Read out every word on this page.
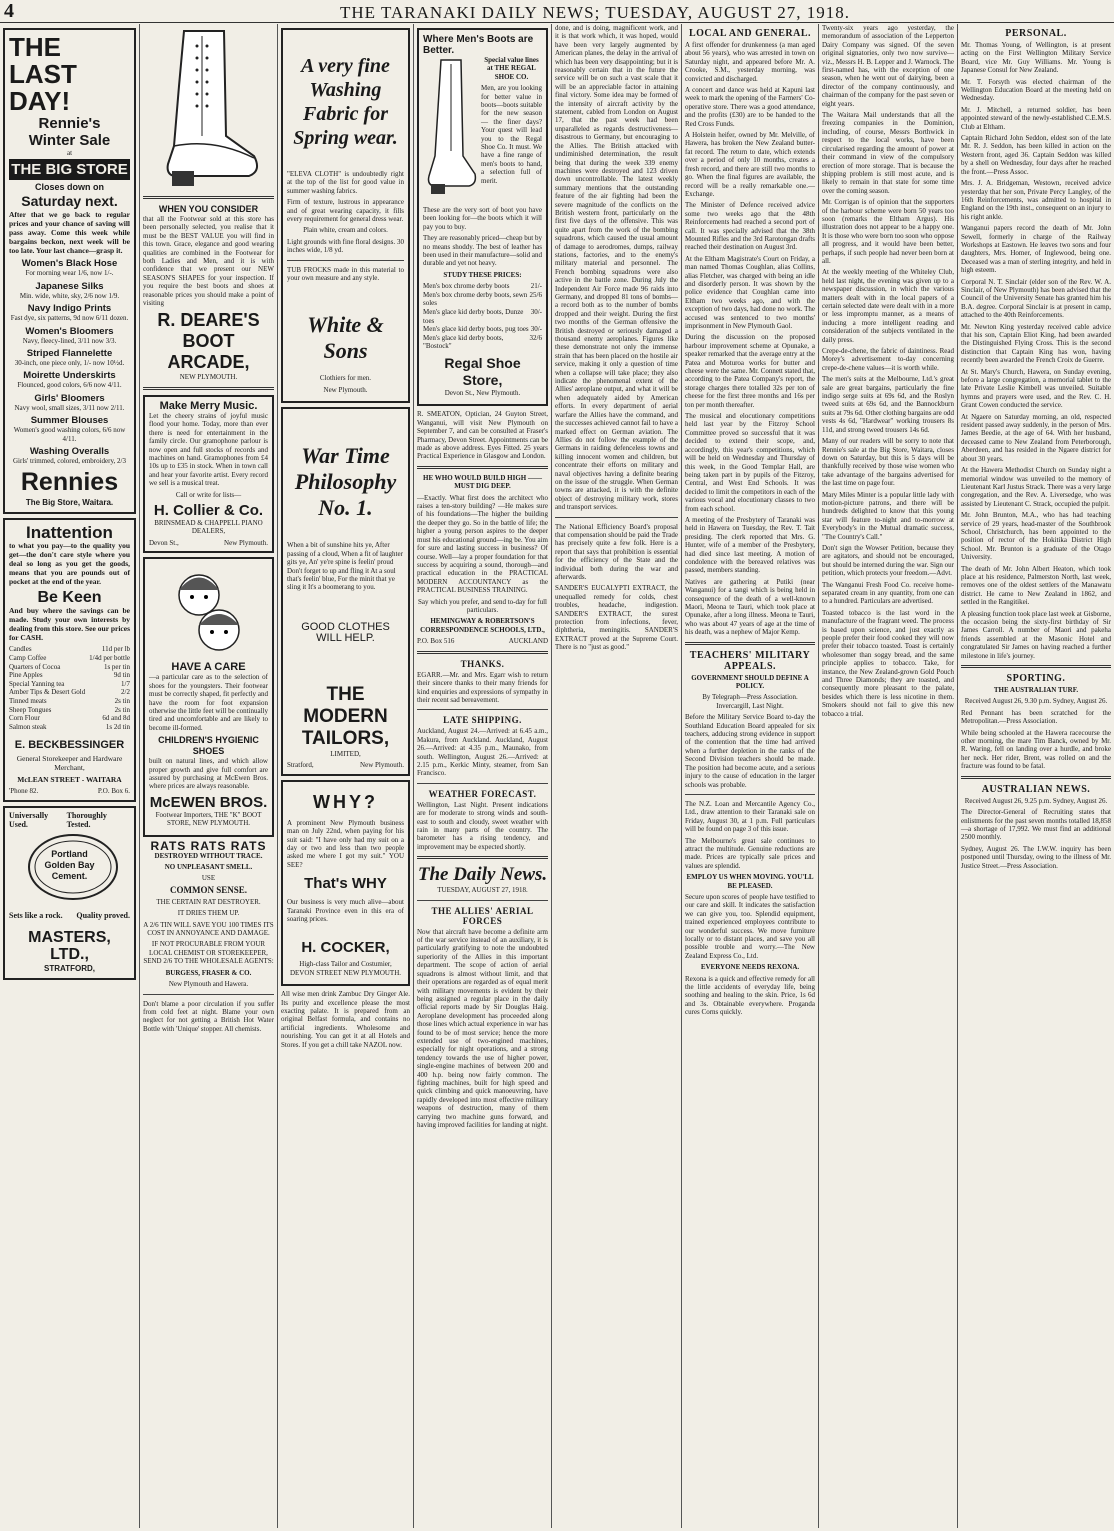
4	THE TARANAKI DAILY NEWS; TUESDAY, AUGUST 27, 1918.
THE
LAST
DAY!
Rennie's
Winter Sale
at
THE BIG STORE
Closes down on
Saturday next.

After that we go back to regular prices and your chance of saving will pass away. Come this week while bargains beckon, next week will be too late. Your last chance—grasp it.

Women's Black Hose

For morning wear 1/6, now 1/-.

Japanese Silks

Min. wide, white, sky, 2/6 now 1/9.

Navy Indigo Prints

Fast dye, six patterns, 9d now 6/11 dozen.

Women's Bloomers

Navy, fleecy-lined, 3/11 now 3/3.

Striped Flannelette

30-inch, one piece only, 1/- now 10½d.

Moirette Underskirts

Flounced, good colors, 6/6 now 4/11.

Girls' Bloomers

Navy wool, small sizes, 3/11 now 2/11.

Summer Blouses

Women's good washing colors, 6/6 now 4/11.

Washing Overalls

Girls' trimmed, colored, embroidery, 2/3

Rennies
The Big Store, Waitara.
Inattention

to what you pay—to the quality you get—the don't care style where you deal so long as you get the goods, means that you are pounds out of pocket at the end of the year.

Be Keen

And buy where the savings can be made. Study your own interests by dealing from this store. See our prices for CASH.

Candles	11d per lb
Camp Coffee	1/4d per bottle
Quarters of Cocoa	1s per tin
Pine Apples	9d tin
Special Yanning tea	1/7
Amber Tips & Desert Gold	2/2
Tinned meats	2s tin
Sheep Tongues	2s tin
Corn Flour	6d and 8d
Salmon steak	1s 2d tin
E. BECKBESSINGER

General Storekeeper and Hardware Merchant,

McLEAN STREET - WAITARA

'Phone 82.	P.O. Box 6.
Universally Used.
Thoroughly Tested.
Portland Golden Bay Cement.
Sets like a rock. Quality proved.
MASTERS, LTD.,
STRATFORD,
WHEN YOU CONSIDER

that all the Footwear sold at this store has been personally selected, you realise that it must be the BEST VALUE you will find in this town. Grace, elegance and good wearing qualities are combined in the Footwear for both Ladies and Men, and it is with confidence that we present our NEW SEASON'S SHAPES for your inspection. If you require the best boots and shoes at reasonable prices you should make a point of visiting

R. DEARE'S BOOT ARCADE,

NEW PLYMOUTH.

Make Merry Music.

Let the cheery strains of joyful music flood your home. Today, more than ever there is need for entertainment in the family circle. Our gramophone parlour is now open and full stocks of records and machines on hand. Gramophones from £4 10s up to £35 in stock. When in town call and hear your favorite artist. Every record we sell is a musical treat.

Call or write for lists—

H. Collier & Co.

BRINSMEAD & CHAPPELL PIANO DEALERS,

Devon St.,	New Plymouth.
HAVE A CARE

—a particular care as to the selection of shoes for the youngsters. Their footwear must be correctly shaped, fit perfectly and have the room for foot expansion otherwise the little feet will be continually tired and uncomfortable and are likely to become ill-formed.

CHILDREN'S HYGIENIC SHOES

built on natural lines, and which allow proper growth and give full comfort are assured by purchasing at McEwen Bros. where prices are always reasonable.

McEWEN BROS.

Footwear Importers, THE "K" BOOT STORE, NEW PLYMOUTH.

RATS RATS RATS

DESTROYED WITHOUT TRACE.

NO UNPLEASANT SMELL.

USE

COMMON SENSE.

THE CERTAIN RAT DESTROYER.

IT DRIES THEM UP.

A 2/6 TIN WILL SAVE YOU 100 TIMES ITS COST IN ANNOYANCE AND DAMAGE.

IF NOT PROCURABLE FROM YOUR LOCAL CHEMIST OR STOREKEEPER, SEND 2/6 TO THE WHOLESALE AGENTS:

BURGESS, FRASER & CO.

New Plymouth and Hawera.

Don't blame a poor circulation if you suffer from cold feet at night. Blame your own neglect for not getting a British Hot Water Bottle with 'Unique' stopper. All chemists.

A very fine Washing Fabric for Spring wear.

"ELEVA CLOTH" is undoubtedly right at the top of the list for good value in summer washing fabrics.

Firm of texture, lustrous in appearance and of great wearing capacity, it fills every requirement for general dress wear.

Plain white, cream and colors.

Light grounds with fine floral designs. 30 inches wide, 1/8 yd.

TUB FROCKS made in this material to your own measure and any style.

White & Sons

Clothiers for men.

New Plymouth.

War Time Philosophy No. 1.

When a bit of sunshine hits ye, After passing of a cloud, When a fit of laughter gits ye, An' ye're spine is feelin' proud Don't forget to up and fling it At a soul that's feelin' blue, For the minit that ye sling it It's a boomerang to you.

GOOD CLOTHES WILL HELP.
THE MODERN TAILORS,

LIMITED,

Stratford,	New Plymouth.
WHY?

A prominent New Plymouth business man on July 22nd, when paying for his suit said: "I have only had my suit on a day or two and less than two people asked me where I got my suit." YOU SEE?

That's WHY

Our business is very much alive—about Taranaki Province even in this era of soaring prices.

H. COCKER,

High-class Tailor and Costumier, DEVON STREET NEW PLYMOUTH.

All wise men drink Zambuc Dry Ginger Ale. Its purity and excellence please the most exacting palate. It is prepared from an original Belfast formula, and contains no artificial ingredients. Wholesome and nourishing. You can get it at all Hotels and Stores. If you get a chill take NAZOL now.

Where Men's Boots are Better.

Special value lines at THE REGAL SHOE CO.

Men, are you looking for better value in boots—boots suitable for the new season — the finer days? Your quest will lead you to the Regal Shoe Co. It must. We have a fine range of men's boots to hand, a selection full of merit.

These are the very sort of boot you have been looking for—the boots which it will pay you to buy.

They are reasonably priced—cheap but by no means shoddy. The best of leather has been used in their manufacture—solid and durable and yet not heavy.

STUDY THESE PRICES:

Men's box chrome derby boots	21/-
Men's box chrome derby boots, sewn soles
25/6
Men's glace kid derby boots, Dunze toes
30/-
Men's glace kid derby boots, pug toes 30/-
Men's glace kid derby boots, "Bostock"
32/6
Regal Shoe Store,

Devon St., New Plymouth.

R. SMEATON, Optician, 24 Guyton Street, Wanganui, will visit New Plymouth on September 7, and can be consulted at Fraser's Pharmacy, Devon Street. Appointments can be made as above address. Eyes Fitted. 25 years Practical Experience in Glasgow and London.

HE WHO WOULD BUILD HIGH —— MUST DIG DEEP.

—Exactly. What first does the architect who raises a ten-story building? —He makes sure of his foundations—The higher the building the deeper they go. So in the battle of life; the higher a young person aspires to the deeper must his educational ground—ing be. You aim for sure and lasting success in business? Of course. Well—lay a proper foundation for that success by acquiring a sound, thorough—and practical education in the PRACTICAL MODERN ACCOUNTANCY as the PRACTICAL BUSINESS TRAINING.

Say which you prefer, and send to-day for full particulars.

HEMINGWAY & ROBERTSON'S CORRESPONDENCE SCHOOLS, LTD.,

P.O. Box 516	AUCKLAND
THANKS.

EGARR.—Mr. and Mrs. Egarr wish to return their sincere thanks to their many friends for kind enquiries and expressions of sympathy in their recent sad bereavement.

LATE SHIPPING.

Auckland, August 24.—Arrived: at 6.45 a.m., Makura, from Auckland. Auckland, August 26.—Arrived: at 4.35 p.m., Maunako, from south. Wellington, August 26.—Arrived: at 2.15 p.m., Kerkic Minty, steamer, from San Francisco.

WEATHER FORECAST.

Wellington, Last Night. Present indications are for moderate to strong winds and south-east to south and cloudy, sweet weather with rain in many parts of the country. The barometer has a rising tendency, and improvement may be expected shortly.

The Daily News.

TUESDAY, AUGUST 27, 1918.

THE ALLIES' AERIAL FORCES

Now that aircraft have become a definite arm of the war service instead of an auxiliary, it is particularly gratifying to note the undoubted superiority of the Allies in this important department. The scope of action of aerial squadrons is almost without limit, and that their operations are regarded as of equal merit with military movements is evident by their being assigned a regular place in the daily official reports made by Sir Douglas Haig. Aeroplane development has proceeded along those lines which actual experience in war has found to be of most service; hence the more extended use of two-engined machines, especially for night operations, and a strong tendency towards the use of higher power, single-engine machines of between 200 and 400 h.p. being now fairly common. The fighting machines, built for high speed and quick climbing and quick manoeuvring, have rapidly developed into most effective military weapons of destruction, many of them carrying two machine guns forward, and having improved facilities for landing at night.

done, and is doing, magnificent work, and it is that work which, it was hoped, would have been very largely augmented by American planes, the delay in the arrival of which has been very disappointing; but it is reasonably certain that in the future the service will be on such a vast scale that it will be an appreciable factor in attaining final victory. Some idea may be formed of the intensity of aircraft activity by the statement, cabled from London on August 17, that the past week had been unparalleled as regards destructiveness—disastrous to Germany, but encouraging to the Allies. The British attacked with undiminished determination, the result being that during the week 339 enemy machines were destroyed and 123 driven down uncontrollable. The latest weekly summary mentions that the outstanding feature of the air fighting had been the severe magnitude of the conflicts on the British western front, particularly on the first five days of the offensive. This was quite apart from the work of the bombing squadrons, which caused the usual amount of damage to aerodromes, dumps, railway stations, factories, and to the enemy's military material and personnel. The French bombing squadrons were also active in the battle zone. During July the Independent Air Force made 96 raids into Germany, and dropped 81 tons of bombs—a record both as to the number of bombs dropped and their weight. During the first two months of the German offensive the British destroyed or seriously damaged a thousand enemy aeroplanes. Figures like these demonstrate not only the immense strain that has been placed on the hostile air service, making it only a question of time when a collapse will take place; they also indicate the phenomenal extent of the Allies' aeroplane output, and what it will be when adequately aided by American efforts. In every department of aerial warfare the Allies have the command, and the successes achieved cannot fail to have a marked effect on German aviation. The Allies do not follow the example of the Germans in raiding defenceless towns and killing innocent women and children, but concentrate their efforts on military and naval objectives having a definite bearing on the issue of the struggle. When German towns are attacked, it is with the definite object of destroying military work, stores and transport services.

The National Efficiency Board's proposal that compensation should be paid the Trade has precisely quite a few folk. Here is a report that says that prohibition is essential for the efficiency of the State and the individual both during the war and afterwards.

SANDER'S EUCALYPTI EXTRACT, the unequalled remedy for colds, chest troubles, headache, indigestion. SANDER'S EXTRACT, the surest protection from infections, fever, diphtheria, meningitis. SANDER'S EXTRACT proved at the Supreme Court. There is no "just as good."

LOCAL AND GENERAL.

A first offender for drunkenness (a man aged about 56 years), who was arrested in town on Saturday night, and appeared before Mr. A. Crooke, S.M., yesterday morning, was convicted and discharged.

A concert and dance was held at Kapuni last week to mark the opening of the Farmers' Co-operative store. There was a good attendance, and the profits (£30) are to be handed to the Red Cross Funds.

A Holstein heifer, owned by Mr. Melville, of Hawera, has broken the New Zealand butter-fat record. The return to date, which extends over a period of only 10 months, creates a fresh record, and there are still two months to go. When the final figures are available, the record will be a really remarkable one.—Exchange.

The Minister of Defence received advice some two weeks ago that the 48th Reinforcements had reached a second port of call. It was specially advised that the 38th Mounted Rifles and the 3rd Rarotongan drafts reached their destination on August 3rd.

At the Eltham Magistrate's Court on Friday, a man named Thomas Coughlan, alias Collins, alias Fletcher, was charged with being an idle and disorderly person. It was shown by the police evidence that Coughlan came into Eltham two weeks ago, and with the exception of two days, had done no work. The accused was sentenced to two months' imprisonment in New Plymouth Gaol.

During the discussion on the proposed harbour improvement scheme at Opunake, a speaker remarked that the average entry at the Patea and Moturoa works for butter and cheese were the same. Mr. Connett stated that, according to the Patea Company's report, the storage charges there totalled 32s per ton of cheese for the first three months and 16s per ton per month thereafter.

The musical and elocutionary competitions held last year by the Fitzroy School Committee proved so successful that it was decided to extend their scope, and, accordingly, this year's competitions, which will be held on Wednesday and Thursday of this week, in the Good Templar Hall, are being taken part in by pupils of the Fitzroy, Central, and West End Schools. It was decided to limit the competitors in each of the various vocal and elocutionary classes to two from each school.

A meeting of the Presbytery of Taranaki was held in Hawera on Tuesday, the Rev. T. Tait presiding. The clerk reported that Mrs. G. Hunter, wife of a member of the Presbytery, had died since last meeting. A motion of condolence with the bereaved relatives was passed, members standing.

Natives are gathering at Putiki (near Wanganui) for a tangi which is being held in consequence of the death of a well-known Maori, Meona te Tauri, which took place at Opunake, after a long illness. Meona te Tauri, who was about 47 years of age at the time of his death, was a nephew of Major Kemp.

TEACHERS' MILITARY APPEALS.

GOVERNMENT SHOULD DEFINE A POLICY.

By Telegraph—Press Association. Invercargill, Last Night.

Before the Military Service Board to-day the Southland Education Board appealed for six teachers, adducing strong evidence in support of the contention that the time had arrived when a further depletion in the ranks of the Second Division teachers should be made. The position had become acute, and a serious injury to the cause of education in the larger schools was probable.

The N.Z. Loan and Mercantile Agency Co., Ltd., draw attention to their Taranaki sale on Friday, August 30, at 1 p.m. Full particulars will be found on page 3 of this issue.

The Melbourne's great sale continues to attract the multitude. Genuine reductions are made. Prices are typically sale prices and values are splendid.

EMPLOY US WHEN MOVING. YOU'LL BE PLEASED.

Secure upon scores of people have testified to our care and skill. It indicates the satisfaction we can give you, too. Splendid equipment, trained experienced employees contribute to our wonderful success. We move furniture locally or to distant places, and save you all possible trouble and worry.—The New Zealand Express Co., Ltd.

EVERYONE NEEDS REXONA.

Rexona is a quick and effective remedy for all the little accidents of everyday life, being soothing and healing to the skin. Price, 1s 6d and 3s. Obtainable everywhere. Proganda cures Corns quickly.

Twenty-six years ago yesterday, the memorandum of association of the Lepperton Dairy Company was signed. Of the seven original signatories, only two now survive—viz., Messrs H. B. Lepper and J. Warnock. The first-named has, with the exception of one season, when he went out of dairying, been a director of the company continuously, and chairman of the company for the past seven or eight years.

The Waitara Mail understands that all the freezing companies in the Dominion, including, of course, Messrs Borthwick in respect to the local works, have been circularised regarding the amount of power at their command in view of the compulsory erection of more storage. That is because the shipping problem is still most acute, and is likely to remain in that state for some time over the coming season.

Mr. Corrigan is of opinion that the supporters of the harbour scheme were born 50 years too soon (remarks the Eltham Argus). His illustration does not appear to be a happy one. It is those who were born too soon who oppose all progress, and it would have been better, perhaps, if such people had never been born at all.

At the weekly meeting of the Whiteley Club, held last night, the evening was given up to a newspaper discussion, in which the various matters dealt with in the local papers of a certain selected date were dealt with in a more or less impromptu manner, as a means of inducing a more intelligent reading and consideration of the subjects ventilated in the daily press.

Crepe-de-chene, the fabric of daintiness. Read Morey's advertisement to-day concerning crepe-de-chene values—it is worth while.

The men's suits at the Melbourne, Ltd.'s great sale are great bargains, particularly the fine indigo serge suits at 69s 6d, and the Roslyn tweed suits at 69s 6d, and the Bannockburn suits at 79s 6d. Other clothing bargains are odd vests 4s 6d, "Hardwear" working trousers 8s 11d, and strong tweed trousers 14s 6d.

Many of our readers will be sorry to note that Rennie's sale at the Big Store, Waitara, closes down on Saturday, but this is 5 days will be thankfully received by those wise women who take advantage of the bargains advertised for the last time on page four.

Mary Miles Minter is a popular little lady with motion-picture patrons, and there will be hundreds delighted to know that this young star will feature to-night and to-morrow at Everybody's in the Mutual dramatic success, "The Country's Call."

Don't sign the Wowser Petition, because they are agitators, and should not be encouraged, but should be interned during the war. Sign our petition, which protects your freedom.—Advt.

The Wanganui Fresh Food Co. receive home-separated cream in any quantity, from one can to a hundred. Particulars are advertised.

Toasted tobacco is the last word in the manufacture of the fragrant weed. The process is based upon science, and just exactly as people prefer their food cooked they will now prefer their tobacco toasted. Toast is certainly wholesomer than soggy bread, and the same principle applies to tobacco. Take, for instance, the New Zealand-grown Gold Pouch and Three Diamonds; they are toasted, and consequently more pleasant to the palate, besides which there is less nicotine in them. Smokers should not fail to give this new tobacco a trial.

PERSONAL.

Mr. Thomas Young, of Wellington, is at present acting on the First Wellington Military Service Board, vice Mr. Guy Williams. Mr. Young is Japanese Consul for New Zealand.

Mr. T. Forsyth was elected chairman of the Wellington Education Board at the meeting held on Wednesday.

Mr. J. Mitchell, a returned soldier, has been appointed steward of the newly-established C.E.M.S. Club at Eltham.

Captain Richard John Seddon, eldest son of the late Mr. R. J. Seddon, has been killed in action on the Western front, aged 36. Captain Seddon was killed by a shell on Wednesday, four days after he reached the front.—Press Assoc.

Mrs. J. A. Bridgeman, Westown, received advice yesterday that her son, Private Percy Langley, of the 16th Reinforcements, was admitted to hospital in England on the 19th inst., consequent on an injury to his right ankle.

Wanganui papers record the death of Mr. John Sewell, formerly in charge of the Railway Workshops at Eastown. He leaves two sons and four daughters, Mrs. Homer, of Inglewood, being one. Deceased was a man of sterling integrity, and held in high esteem.

Corporal N. T. Sinclair (elder son of the Rev. W. A. Sinclair, of New Plymouth) has been advised that the Council of the University Senate has granted him his B.A. degree. Corporal Sinclair is at present in camp, attached to the 40th Reinforcements.

Mr. Newton King yesterday received cable advice that his son, Captain Eliot King, had been awarded the Distinguished Flying Cross. This is the second distinction that Captain King has won, having recently been awarded the French Croix de Guerre.

At St. Mary's Church, Hawera, on Sunday evening, before a large congregation, a memorial tablet to the late Private Leslie Kimbell was unveiled. Suitable hymns and prayers were used, and the Rev. C. H. Grant Cowen conducted the service.

At Ngaere on Saturday morning, an old, respected resident passed away suddenly, in the person of Mrs. James Beedie, at the age of 64. With her husband, deceased came to New Zealand from Peterborough, Aberdeen, and has resided in the Ngaere district for about 30 years.

At the Hawera Methodist Church on Sunday night a memorial window was unveiled to the memory of Lieutenant Karl Justus Strack. There was a very large congregation, and the Rev. A. Liversedge, who was assisted by Lieutenant C. Strack, occupied the pulpit.

Mr. John Brunton, M.A., who has had teaching service of 29 years, head-master of the Southbrook School, Christchurch, has been appointed to the position of rector of the Hokitika District High School. Mr. Brunton is a graduate of the Otago University.

The death of Mr. John Albert Heaton, which took place at his residence, Palmerston North, last week, removes one of the oldest settlers of the Manawatu district. He came to New Zealand in 1862, and settled in the Rangitikei.

A pleasing function took place last week at Gisborne, the occasion being the sixty-first birthday of Sir James Carroll. A number of Maori and pakeha friends assembled at the Masonic Hotel and congratulated Sir James on having reached a further milestone in life's journey.

SPORTING.

THE AUSTRALIAN TURF.

Received August 26, 9.30 p.m. Sydney, August 26.

Red Pennant has been scratched for the Metropolitan.—Press Association.

While being schooled at the Hawera racecourse the other morning, the mare Tim Banck, owned by Mr. R. Waring, fell on landing over a hurdle, and broke her neck. Her rider, Brent, was rolled on and the fracture was found to be fatal.

AUSTRALIAN NEWS.

Received August 26, 9.25 p.m. Sydney, August 26.

The Director-General of Recruiting states that enlistments for the past seven months totalled 18,858—a shortage of 17,992. We must find an additional 2500 monthly.

Sydney, August 26. The I.W.W. inquiry has been postponed until Thursday, owing to the illness of Mr. Justice Street.—Press Association.
